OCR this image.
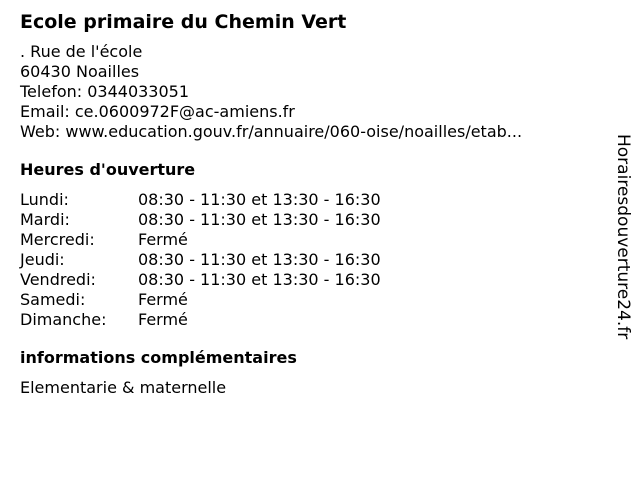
Ecole primaire du Chemin Vert
. Rue de l'école
60430 Noailles
Telefon: 0344033051
Email: ce.0600972F@ac-amiens.fr
Web: www.education.gouv.fr/annuaire/060-oise/noailles/etab...
Heures d'ouverture
Lundi:	08:30 - 11:30 et 13:30 - 16:30
Mardi:	08:30 - 11:30 et 13:30 - 16:30
Mercredi:	Fermé
Jeudi:	08:30 - 11:30 et 13:30 - 16:30
Vendredi:	08:30 - 11:30 et 13:30 - 16:30
Samedi:	Fermé
Dimanche: Fermé
informations complémentaires
Elementarie & maternelle
Horairesdouverture24.fr
